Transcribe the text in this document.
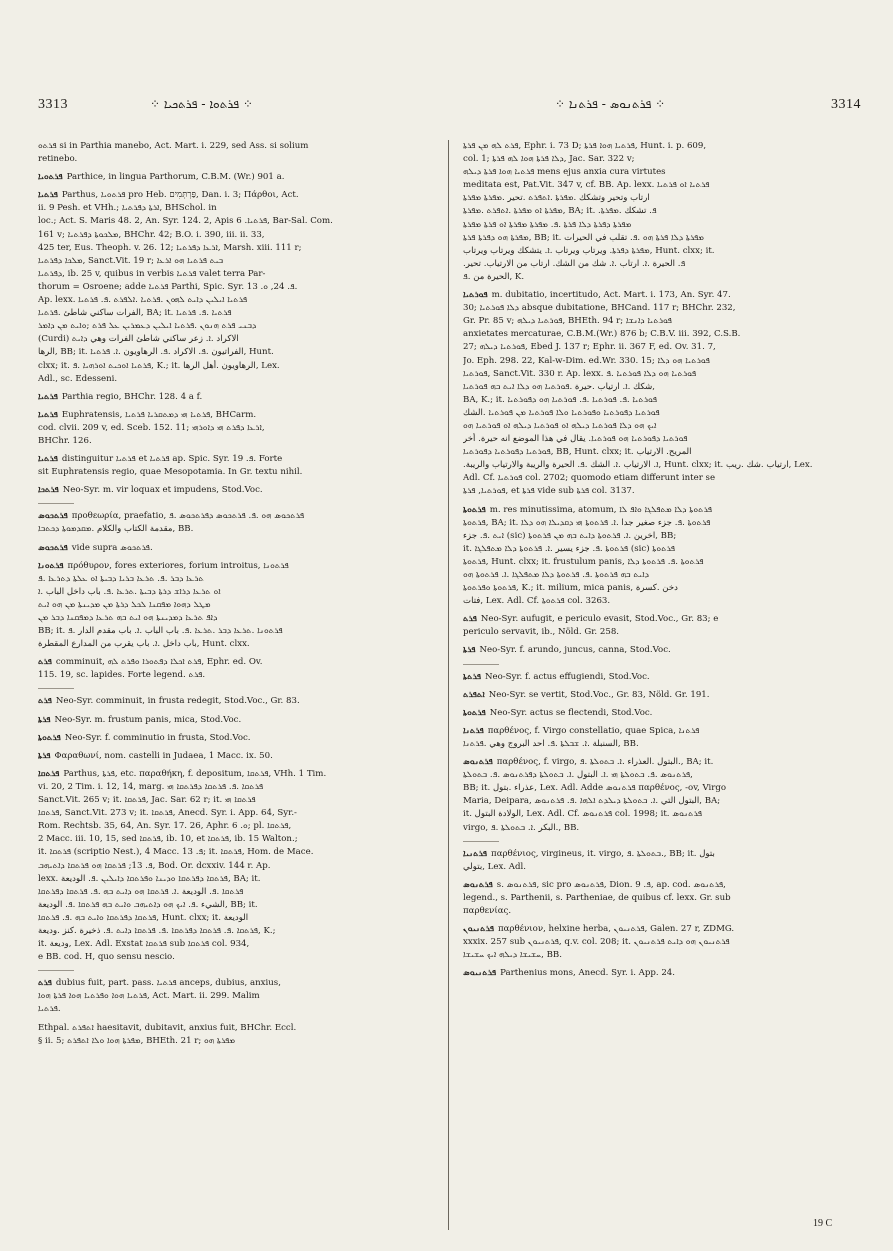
3313	⁘ ܦܪܬܘܐ - ܦܪܬܟܝܐ ⁘	⁘ ܦܪܬܢܘܣ - ܦܪܬܢܐ ⁘	3314
ܦܪܬܘ si in Parthia manebo, Act. Mart. i. 229, sed Ass. si solium
retinebo.
ܦܪܬܘܝܐ Parthice, in lingua Parthorum, C.B.M. (Wr.) 901 a.
ܦܪܬܝܐ Parthus, ܦܪܬܘܝܐ pro Heb. פַּרְתְּמִים, Dan. i. 3; Πάρθοι, Act.
ii. 9 Pesh. et VHh.; ܐܪܬܐ ܕܦܪܬܝܐ, BHSchol. in
loc.; Act. S. Maris 48. 2, An. Syr. 124. 2, Apis ܦܪܬܝܐ. 6, Bar-Sal. Com.
161 v; ܡܠܟܘܬܐ ܕܦܪܬܝܐ, BHChr. 42; B.O. i. 390, iii. ii. 33,
425 ter, Eus. Theoph. v. 26. 12; ܐܪܥܐ ܕܦܪܬܝܐ, Marsh. xiii. 111 r;
ܡܠܟܐ ܕܦܪܬܝܐ, Sanct.Vit. 19 r; ܒܝܬ ܦܪܬܝܐ ܗܘ ܐܪܥܐ
ܕܦܪܬܝܐ, ib. 25 v, quibus in verbis ܦܪܬܝܐ valet terra Par-
thorum = Osroene; adde ܦܪܬܝܐ Parthi, Spic. Syr. ܦ. 24, ܘ. 13.
Ap. lexx. ܦܪܬܝܐ ܐܝܠܝܢ ܕܐܝܬ ܠܗܘܢ .ܦܪܬܝܐ .ܐܠܦܪܬ .ܦ. ܦܪܬܝܐ
الفرات ساكني شاطئ .ܦܪܬܝܐ, BA; it. ܦܪܬܝܐ .ܦ. ܦܪܬܝܐ
ܕܒܢܝ ܦܪܬ ܗܢܘܢ .ܦܪܬܝܐ ܐܝܠܝܢ ܕܥܡܪܝܢ ܥܠ ܦܪܬ ;ܘܐܝܬ ܡܢ ܕܐܡܪ
(Curdi) الاكراد .ܐ. زعر ساكني شاطئ الفرات وهي ܕܐܝܬ
الرها, BB; it. الفراتيون .ܦ. الاكراد .ܦ. الرهاويون .ܐ. ܦܪܬܝܐ, Hunt.
clxx; it. ܦܪܬܝܐ ܐܘܟܝܬ ܐܘܪܗܝܐ .ܦ, K.; it. الرهاويون .أهل الرها, Lex.
Adl., sc. Edesseni.
ܦܪܬܝܐ Parthia regio, BHChr. 128. 4 a f.
ܦܪܬܝܐ Euphratensis, ܦܪܬܝܐ ܗܝ ܕܡܬܩܪܝܐ ܦܪܬܝܐ, BHCarm.
cod. clvii. 209 v, ed. Sceb. 152. 11; ܐܪܥܐ ܕܦܪܬ ܗܝ ܕܐܘܪܗܝ,
BHChr. 126.
ܦܪܬܝܐ distinguitur ܦܪܬܝܐ et ܦܪܬܝܐ ap. Spic. Syr. ܦ. 19. Forte
sit Euphratensis regio, quae Mesopotamia. In Gr. textu nihil.
ܦܪܬܟܐ Neo-Syr. m. vir loquax et impudens, Stod.Voc.
ܦܪܬܟܘܣ προθεωρία, praefatio, ܦܪܬܟܘܣ ܗܘ .ܦ. ܦܪܬܟܘܣ ܕܦܪܬܟܘܣ .ܦ
مقدمة الكتاب والكلام .ܡܩܕܡܘܬܐ ܕܟܬܒܐ, BB.
ܦܪܬܟܘܣ vide supra ܦܪܬܟܘܣ.
ܦܪܬܘܢܐ πρόθυρον, fores exteriores, forium introitus, ܦܪܬܘܢܐ
ܬܪܥܐ ܕܒܪ .ܦ. ܬܪܥܐ ܒܪܝܐ ܕܒܝܬܐ ܐܘ ܥܠܬܐ ܕܬܪܥܐ .ܦ
ܐܘ ܬܪܥܐ ܕܪܐܫ ܕܪܬܐ ܕܒܝܬܐ .ܬܪܥܐ .ܦ. باب داخل الباب .ܐ
ܡܛܠ ܕܗܘܐ ܡܦܩܢܐ ܠܟܠ ܕܪܬܐ ܡܢ ܡܕܝܢܬܐ ܡܢ ܗܘ ܐܝܬ
ܕܐܦ ܬܪܥܐ ܕܡܕܝܢܬܐ ܗܘ ܐܝܬ ܒܗ ܬܪܥܐ ܕܡܦܩܢܐ ܕܒܪ ܡܢ
BB; it. ܦܪܬܘܢܐ .ܬܪܥܐ ܕܒܪ .ܬܪܥܐ .ܦ. باب الباب .ܐ. باب مقدم الدار .ܦ
باب داخل .ܐ. باب يقرب من المدارع المقطرة, Hunt. clxx.
ܦܪܬ comminuit, ܦܪܬ ܐܟܠܐ ܕܦܬܘܪܐ ܘܦܪܬ ܠܗ, Ephr. ed. Ov.
115. 19, sc. lapides. Forte legend. ܦܪܬ.
ܦܪܬ Neo-Syr. comminuit, in frusta redegit, Stod.Voc., Gr. 83.
ܦܪܬܐ Neo-Syr. m. frustum panis, mica, Stod.Voc.
ܦܪܬܘܬܐ Neo-Syr. f. comminutio in frusta, Stod.Voc.
ܦܪܬܐ Φαραθωνί, nom. castelli in Judaea, 1 Macc. ix. 50.
ܦܪܬܩܐ Parthus, ܦܪܬܐ, etc. παραθήκη, f. depositum, ܦܪܬܩܐ, VHh. 1 Tim.
vi. 20, 2 Tim. i. 12, 14, marg. ܦܪܬܩܐ .ܦ. ܦܪܬܩܐ ܕܦܪܬܩܐ ܗܝ
Sanct.Vit. 265 v; it. ܦܪܬܩܐ, Jac. Sar. 62 r; it. ܦܪܬܩܐ ܗܝ
ܦܪܬܩܐ, Sanct.Vit. 273 v; it. ܦܪܬܩܐ, Anecd. Syr. i. App. 64, Syr.-
Rom. Rechtsb. 35, 64, An. Syr. 17. 26, Aphr. ܘ. 6; pl. ܦܪܬܩܐ,
2 Macc. iii. 10, 15, sed ܦܪܬܩܐ, ib. 10, et ܦܪܬܩܐ, ib. 15 Walton.;
it. ܦܪܬܩܐ (scriptio Nest.), 4 Macc. ܦ. 13; it. ܦܪܬܩܐ, Hom. de Mace.
ܦ. 13; ܦܪܬܩܐ ܗܘ ܦܪܬܩܐ ܕܐܬܝܗܒ, Bod. Or. dcxxiv. 144 r. Ap.
lexx. ܦܪܬܩܐ ܕܦܪܬܩܐ ܘܕܝܢܐ ܘܦܪܬܩܐ ܕܐܝܠܝܢ .ܦ. الوديعة, BA; it.
ܦܪܬܩܐ .ܦ. الوديعة .ܐ. ܦܪܬܩܐ ܗܘ ܕܐܝܬ ܒܗ .ܦ. ܦܪܬܩܐ ܕܦܪܬܩܐ
الشيء .ܦ. ܐܝܟ ܗܘ ܕܐܬܝܗܒ ܘܐܝܬ ܒܗ ܦܪܬܩܐ .ܦ. الوديعة, BB; it.
ܦܪܬܩܐ ܕܦܪܬܩܐ ܘܐܝܬ ܒܗ .ܦ. ܦܪܬܩܐ, Hunt. clxx; it. الوديعة
ܦܪܬܩܐ .ܦ. ܦܪܬܩܐ ܕܦܪܬܩܐ .ܦ. ܦܪܬܩܐ ܕܐܝܬ .ܦ. ذخيرة .كنز .وديعة, K.;
it. وديعة, Lex. Adl. Exstat ܦܪܬܩܐ sub ܦܪܬܩܐ col. 934,
e BB. cod. H, quo sensu nescio.
ܦܪܬ dubius fuit, part. pass. ܦܪܬܝܐ anceps, dubius, anxius,
ܦܪܬܝܐ ܗܘܐ ܘܦܪܬܝܐ ܗܘܐ ܦܪܬܐ ܗܘܐ, Act. Mart. ii. 299. Malim
ܦܪܬܝܐ.
Ethpal. ܐܬܦܪܬ haesitavit, dubitavit, anxius fuit, BHChr. Eccl.
§ ii. 5; ܡܦܪܬܐ ܗܘܐ ܘܠܐ ܐܬܦܪܬ, BHEth. 21 r; ܡܦܪܬܐ ܗܘ
ܦܪܬ ܠܗ ܡܢ ܦܪܬܐ, Ephr. i. 73 D; ܦܪܬܝܐ ܗܘܐ ܦܪܬܐ, Hunt. i. p. 609,
col. 1; ܕܠܐ ܦܪܬܐ ܗܘܐ ܠܗ ܦܪܬܐ, Jac. Sar. 322 v;
ܦܪܬܝܐ ܗܘܐ ܦܪܬܐ ܕܝܠܗ mens ejus anxia cura virtutes
meditata est, Pat.Vit. 347 v, cf. BB. Ap. lexx. ܦܪܬܝܐ ܐܘ ܦܪܬܝܐ
ارتاب وتحير وتشكك .ܡܦܪܬܐ .ܐܬܦܪܬ .تحير .ܡܦܪܬܐ ܡܦܪܬܐ
ܡܦܪܬܐ ܐܘ ܡܦܪܬܐ .ܐܬܦܪܬ .ܡܦܪܬܐ, BA; it. .ܦ. تشكك .ܡܦܪܬܐ
ܡܦܪܬܐ ܕܦܪܬܐ ܕܠܐ ܦܪܬܐ .ܦ. ܡܦܪܬܐ ܡܦܪܬܐ ܐܘ ܦܪܬܐ ܡܦܪܬܐ
ܡܦܪܬܐ ܗܘ ܕܦܪܬܐ ܦܪܬܐ, BB; it. ܡܦܪܬܐ ܕܠܐ ܦܪܬܐ ܗܘ .ܦ. تقلب في الحيرات
ܡܦܪܬܐ ܕܦܪܬܐ. ويرتاب ويرتاب .ܐ. يتشكك ويرتاب ويرتاب, Hunt. clxx; it.
.ܦ. الحيرة .ܐ. ارتاب .ܐ. شك من الشك. ارتاب من الارتياب. تحير
الحيرة من .ܦ, K.
ܦܘܪܬܝܐ m. dubitatio, incertitudo, Act. Mart. i. 173, An. Syr. 47.
30; ܕܠܐ ܦܘܪܬܝܐ absque dubitatione, BHCand. 117 r; BHChr. 232,
Gr. Pr. 85 v; ܦܘܪܬܝܐ ܕܝܠܗ, BHEth. 94 r; ܦܘܪܬܝܐ ܕܐܢܫܐ
anxietates mercaturae, C.B.M.(Wr.) 876 b; C.B.V. iii. 392, C.S.B.
27; ܦܘܪܬܝܐ ܕܝܠܗ, Ebed J. 137 r; Ephr. ii. 367 F, ed. Ov. 31. 7,
Jo. Eph. 298. 22, Kal-w-Dim. ed.Wr. 330. 15; ܦܘܪܬܝܐ ܗܘ ܕܠܐ
ܦܘܪܬܝܐ, Sanct.Vit. 330 r. Ap. lexx. ܦܘܪܬܝܐ ܗܘ ܕܠܐ ܦܘܪܬܝܐ .ܦ
شكك .ܐ. ارتياب .حيرة .ܦܘܪܬܝܐ ܗܘ ܕܠܐ ܐܝܬ ܒܗ ܦܘܪܬܝܐ,
BA, K.; it. ܦܘܪܬܝܐ .ܦ. ܦܘܪܬܝܐ .ܦ. ܦܘܪܬܝܐ ܗܘ ܕܦܘܪܬܝܐ
ܦܘܪܬܝܐ ܕܦܘܪܬܝܐ ܘܦܘܪܬܝܐ ܘܠܐ ܦܘܪܬܝܐ ܡܢ ܦܘܪܬܝܐ .الشك
ܐܝܟ ܗܘ ܕܠܐ ܦܘܪܬܝܐ ܕܝܠܗ ܐܘ ܦܘܪܬܝܐ ܕܝܠܗ ܐܘ ܦܘܪܬܝܐ ܗܘ
ܦܘܪܬܝܐ ܕܦܘܪܬܝܐ ܗܘ ܦܘܪܬܝܐ. يقال في هذا الموضع انه حيرة. أخر
ܦܘܪܬܝܐ ܕܦܘܪܬܝܐ ܕܦܘܪܬܝܐ, BB, Hunt. clxx; it. المريح. الارتياب
.ܐ. الارتياب .ܐ. الشك .ܦ. الحيرة والريبة والارتياب والريبة, Hunt. clxx; it. ارتياب .شك .ريب, Lex.
Adl. Cf. ܦܘܪܬܝܐ col. 2702; quomodo etiam differunt inter se
ܦܘܪܬܝܐ, ܦܪܬܐ, et ܦܪܬܐ vide sub ܦܪܬܐ col. 3137.
ܦܪܬܘܬܐ m. res minutissima, atomum, ܦܪܬܘܬܐ ܕܠܐ ܡܬܦܠܓܐ ܘܐܦ ܠܐ
ܦܪܬܘܬܐ, BA; it. ܦܪܬܘܬܐ .ܦ. جزء صغير جدا .ܐ. ܦܪܬܘܬܐ ܗܝ ܕܩܕܝܠܐ ܗܘ ܕܠܐ
ܐܝܬ .ܦ. جزء (sic) اخرين .ܐ. ܦܪܬܘܬܐ ܕܐܝܬ ܒܗ ܡܢ ܦܪܬܘܬܐ, BB;
it. ܦܪܬܘܬܐ .ܦ. جزء يسير .ܐ. ܦܪܬܘܬܐ ܕܠܐ ܡܬܦܠܓܐ (sic) ܦܪܬܘܬܐ
ܦܪܬܘܬܐ, Hunt. clxx; it. frustulum panis, ܦܪܬܘܬܐ .ܦ. ܦܪܬܘܬܐ ܕܠܐ
ܕܐܝܬ ܒܗ ܦܪܬܘܬܐ .ܦ. ܦܪܬܘܬܐ ܕܠܐ ܡܬܦܠܓܐ .ܐ. ܦܪܬܘܬܐ ܗܘ
ܦܪܬܘܬܐ ܘܦܪܬܘܬܐ, K.; it. milium, mica panis, دخن .كسرة
فتات, Lex. Adl. Cf. ܦܪܬܘܬܐ col. 3263.
ܦܪܬ Neo-Syr. aufugit, e periculo evasit, Stod.Voc., Gr. 83; e
periculo servavit, ib., Nöld. Gr. 258.
ܦܪܬܐ Neo-Syr. f. arundo, juncus, canna, Stod.Voc.
ܦܪܬܬܐ Neo-Syr. f. actus effugiendi, Stod.Voc.
ܐܬܦܪܬ Neo-Syr. se vertit, Stod.Voc., Gr. 83, Nöld. Gr. 191.
ܦܪܬܘܬܐ Neo-Syr. actus se flectendi, Stod.Voc.
ܦܪܬܢܐ παρθένος, f. Virgo constellatio, quae Spica, ܦܪܬܢܐ
السنبلة .ܐ. ܫܒܠܬܐ .ܦ. احد البروج وهي .ܦܪܬܢܐ, BB.
ܦܪܬܢܘܣ παρθένος, f. virgo, البتول .العذراء .ܐ. ܒܬܘܠܬܐ .ܦ., BA; it.
ܦܪܬܢܘܣ .ܦ. ܒܬܘܠܬܐ ܗܝ .ܐ. البتول .ܐ. ܒܬܘܠܬܐ ܕܦܪܬܢܘܣ .ܦ. ܒܬܘܠܬܐ,
BB; it. عذراء .بتول, Lex. Adl. Adde ܦܪܬܢܘܣ παρθένος, -ov, Virgo
Maria, Deipara, البتول التي .ܐ. ܒܬܘܠܬܐ ܕܝܠܕܬ ܐܠܗܐ .ܦ. ܦܪܬܢܘܣ, BA;
it. الولادة البتول, Lex. Adl. Cf. ܦܪܬܢܘܣ col. 1998; it. ܦܪܬܢܘܣ
virgo, البكر .ܐ. ܒܬܘܠܬܐ .ܦ., BB.
ܦܪܬܢܝܐ παρθένιος, virgineus, it. virgo, ܒܬܘܠܬܐ .ܦ., BB; it. بتول
بتولي, Lex. Adl.
ܦܪܬܢܘܣ s. ܦܪܬܢܘܣ, sic pro ܦܪܬܢܘܣ, Dion. ܦ. 9, ap. cod. ܦܪܬܢܘܣ,
legend., s. Parthenii, s. Partheniae, de quibus cf. lexx. Gr. sub
παρθενίας.
ܦܪܬܢܝܘܢ παρθένιον, helxine herba, ܦܪܬܢܝܘܢ, Galen. 27 r, ZDMG.
xxxix. 257 sub ܦܪܬܢܝܘܢ, q.v. col. 208; it. ܦܪܬܢܝܘܢ ܗܘ ܕܐܝܬ ܦܪܬܢܝܘܢ
ܚܫܝܫܐ ܕܝܠܗ ܐܝܟ ܚܫܝܫܐ, BB.
ܦܪܬܢܝܘܣ Parthenius mons, Anecd. Syr. i. App. 24.
19 C
